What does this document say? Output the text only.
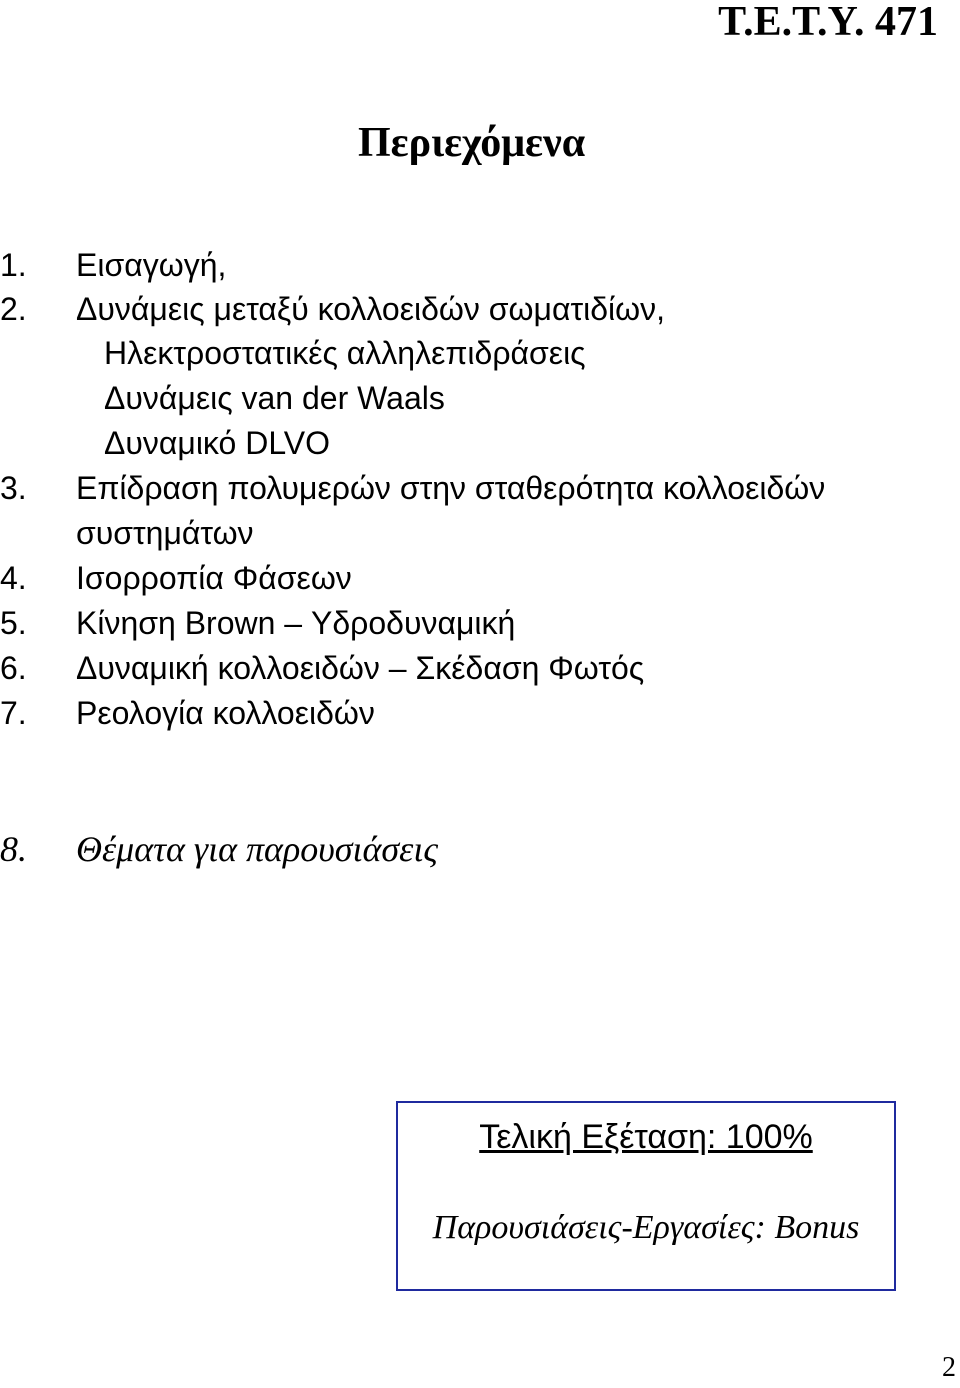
Τ.Ε.Τ.Υ. 471
Περιεχόμενα
1. Εισαγωγή,
2. Δυνάμεις μεταξύ κολλοειδών σωματιδίων,
Ηλεκτροστατικές αλληλεπιδράσεις
Δυνάμεις van der Waals
Δυναμικό DLVO
3. Επίδραση πολυμερών στην σταθερότητα κολλοειδών
συστημάτων
4. Ισορροπία Φάσεων
5. Κίνηση Brown – Υδροδυναμική
6. Δυναμική κολλοειδών – Σκέδαση Φωτός
7. Ρεολογία κολλοειδών
8. Θέματα για παρουσιάσεις
Τελική Εξέταση: 100%
Παρουσιάσεις-Εργασίες: Bonus
2
